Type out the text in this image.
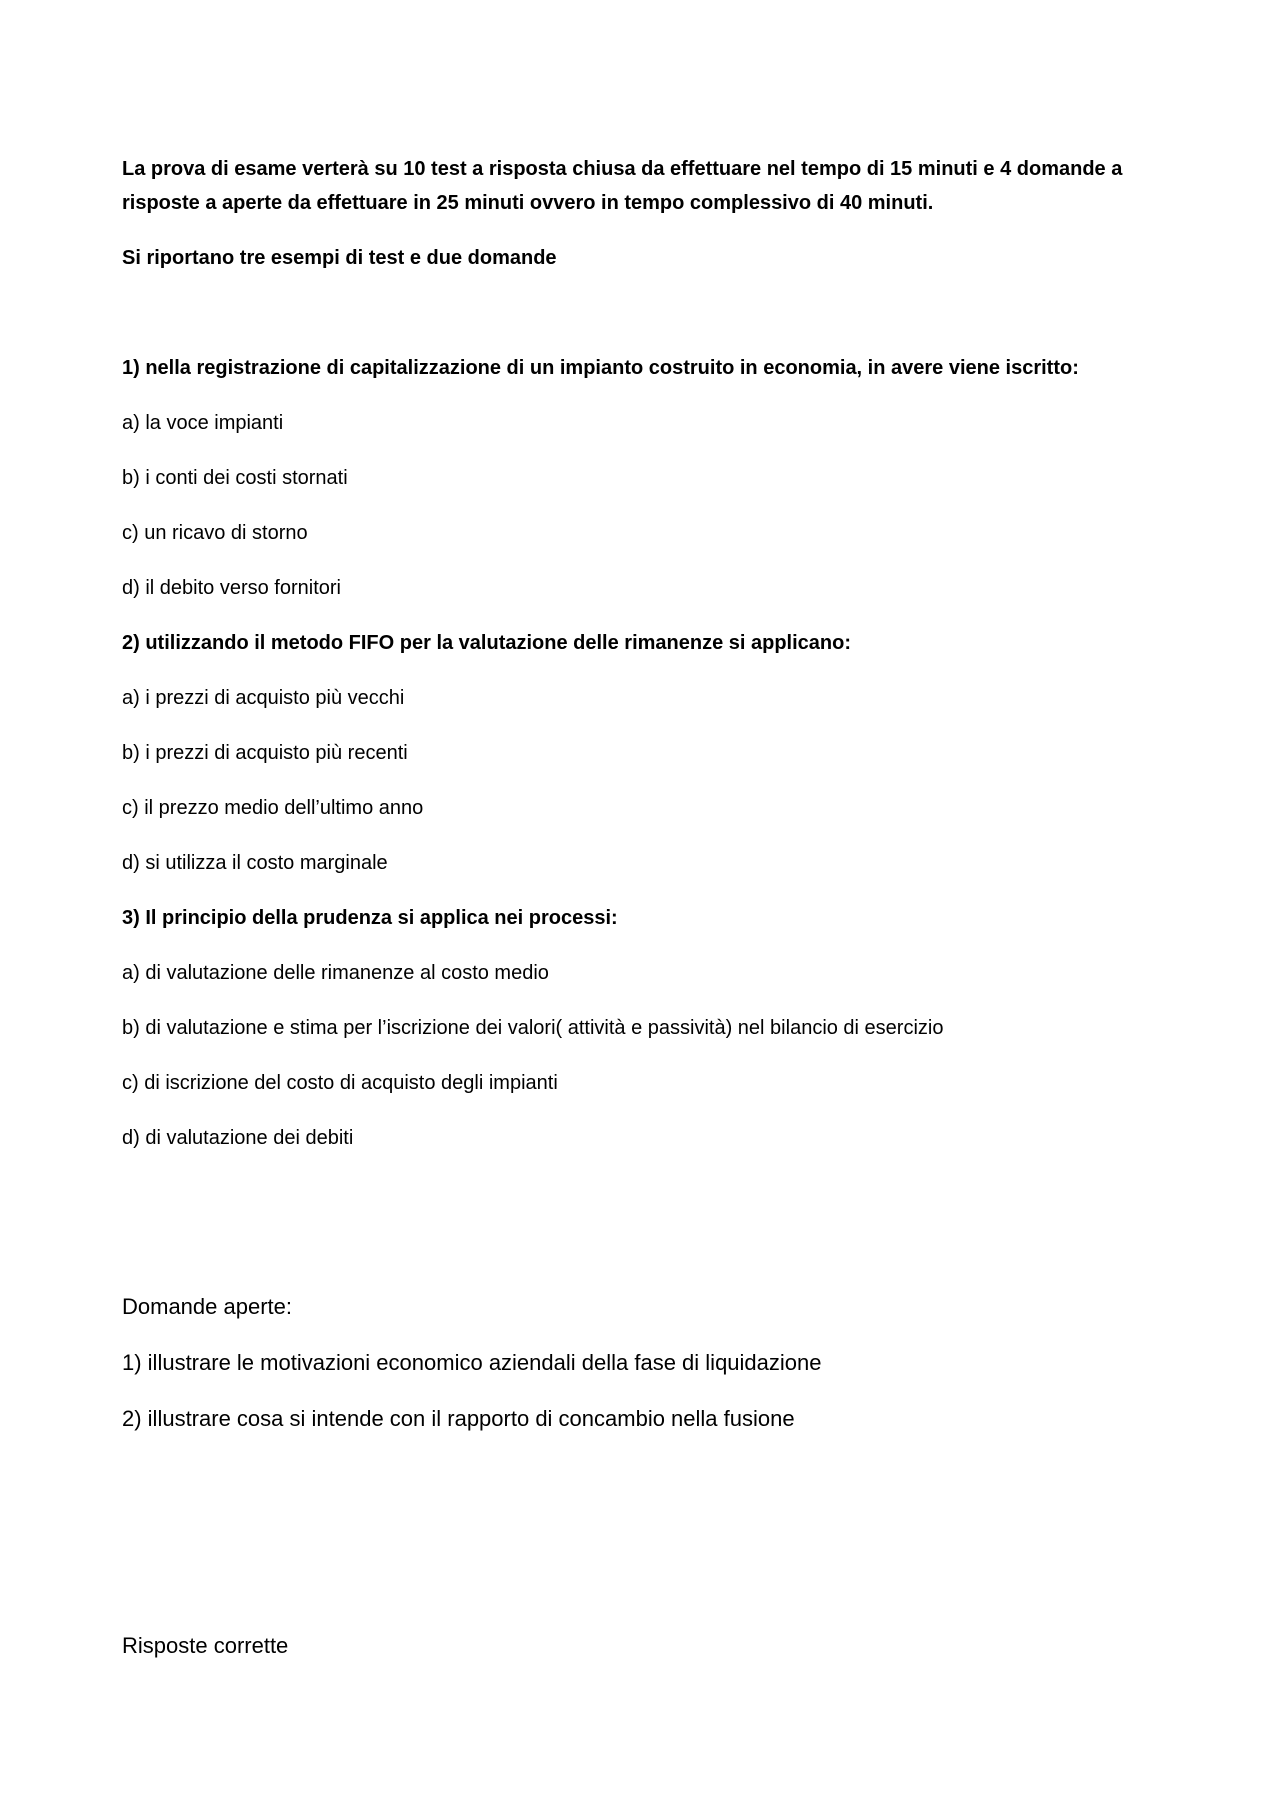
La prova di esame verterà su 10 test a risposta chiusa da effettuare nel tempo di 15 minuti e 4 domande a
risposte a aperte da effettuare in 25 minuti ovvero in tempo complessivo di 40 minuti.
Si riportano tre esempi di test e due domande
1) nella registrazione di capitalizzazione di un impianto costruito in economia, in avere viene iscritto:
a) la voce impianti
b) i conti dei costi stornati
c) un ricavo di storno
d) il debito verso fornitori
2) utilizzando il metodo FIFO per la valutazione delle rimanenze si applicano:
a) i prezzi di acquisto più vecchi
b) i prezzi di acquisto più recenti
c) il prezzo medio dell’ultimo anno
d) si utilizza il costo marginale
3) Il principio della prudenza si applica nei processi:
a) di valutazione delle rimanenze al costo medio
b) di valutazione e stima per l’iscrizione dei valori( attività e passività) nel bilancio di esercizio
c) di iscrizione del costo di acquisto degli impianti
d) di valutazione dei debiti
Domande aperte:
1) illustrare le motivazioni economico aziendali della fase di liquidazione
2) illustrare cosa si intende con il rapporto di concambio nella fusione
Risposte corrette
